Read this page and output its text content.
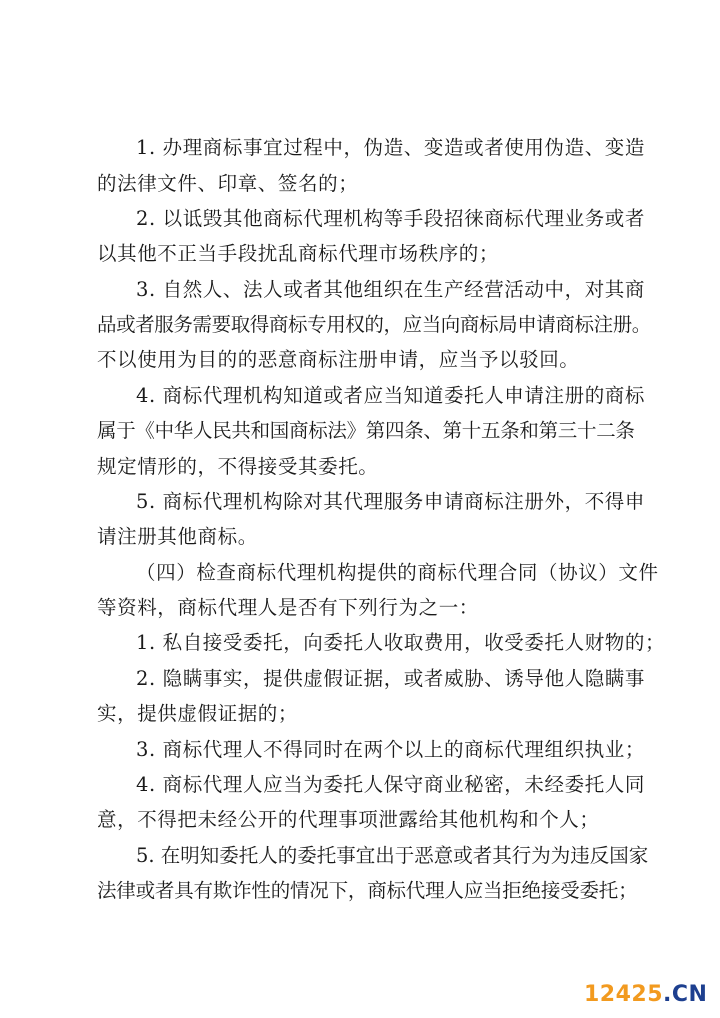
1. 办理商标事宜过程中，伪造、变造或者使用伪造、变造
的法律文件、印章、签名的；
2. 以诋毁其他商标代理机构等手段招徕商标代理业务或者
以其他不正当手段扰乱商标代理市场秩序的；
3. 自然人、法人或者其他组织在生产经营活动中，对其商
品或者服务需要取得商标专用权的，应当向商标局申请商标注册。
不以使用为目的的恶意商标注册申请，应当予以驳回。
4. 商标代理机构知道或者应当知道委托人申请注册的商标
属于《中华人民共和国商标法》第四条、第十五条和第三十二条
规定情形的，不得接受其委托。
5. 商标代理机构除对其代理服务申请商标注册外，不得申
请注册其他商标。
（四）检查商标代理机构提供的商标代理合同（协议）文件
等资料，商标代理人是否有下列行为之一：
1. 私自接受委托，向委托人收取费用，收受委托人财物的；
2. 隐瞒事实，提供虚假证据，或者威胁、诱导他人隐瞒事
实，提供虚假证据的；
3. 商标代理人不得同时在两个以上的商标代理组织执业；
4. 商标代理人应当为委托人保守商业秘密，未经委托人同
意，不得把未经公开的代理事项泄露给其他机构和个人；
5. 在明知委托人的委托事宜出于恶意或者其行为为违反国家
法律或者具有欺诈性的情况下，商标代理人应当拒绝接受委托；
12425.CN
